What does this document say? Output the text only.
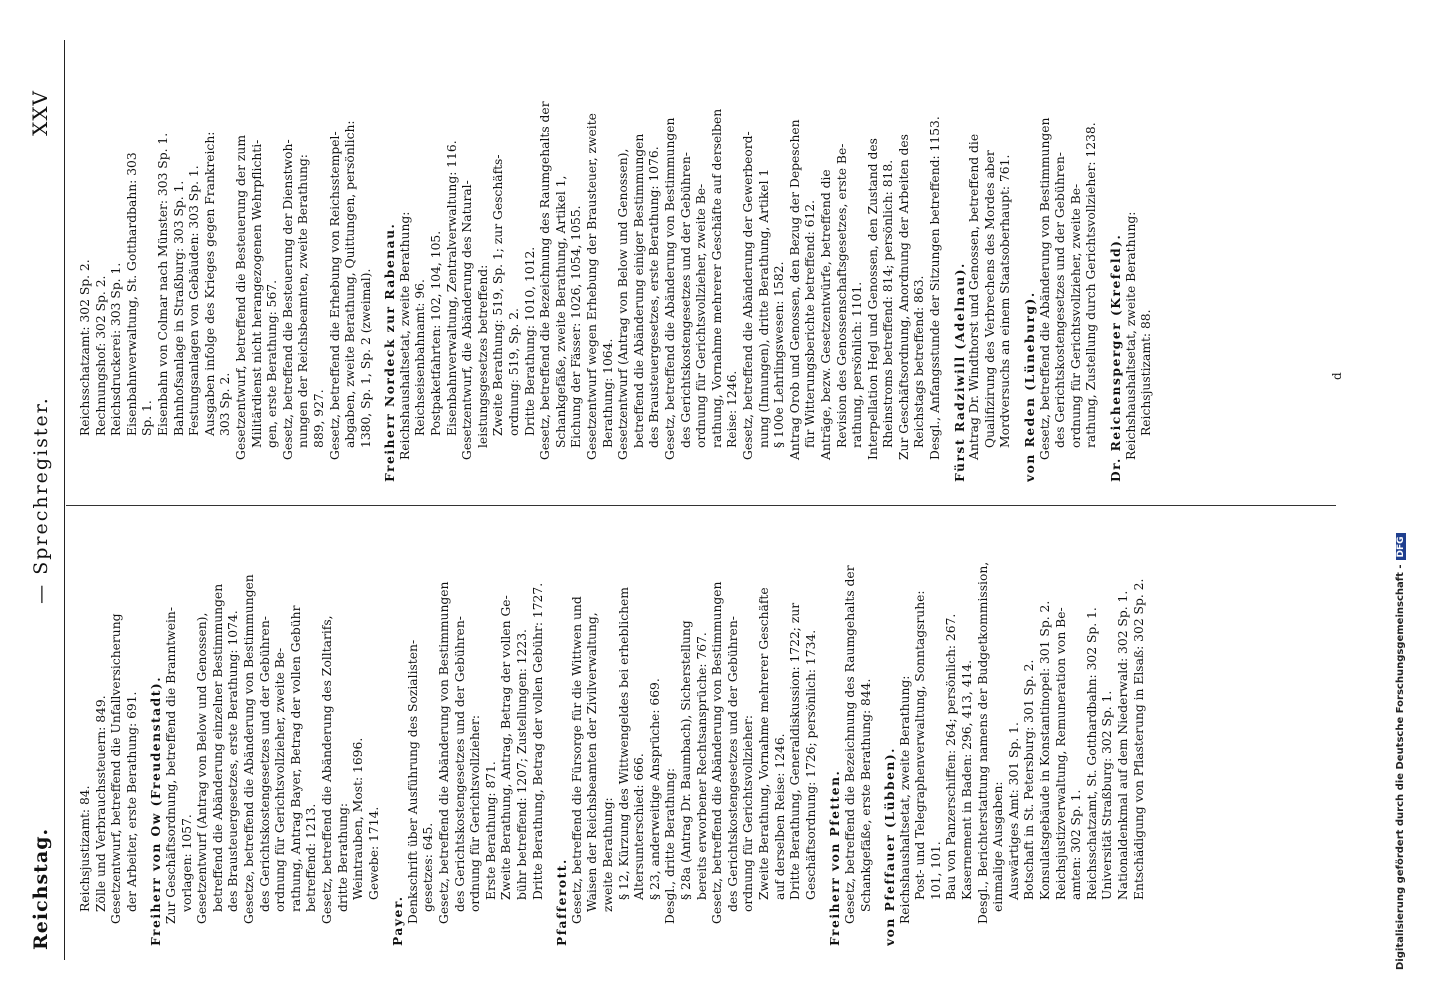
Reichstag.
— Sprechregister.
XXV
Reichsjustizamt: 84. Zölle und Verbrauchssteuern: 849. Gesetzentwurf, betreffend die Unfallversicherung der Arbeiter, erste Berathung: 691. Freiherr von Ow (Freudenstadt). Zur Geschäftsordnung, betreffend die Branntwein- vorlagen: 1057. Gesetzentwurf (Antrag von Below und Genossen), betreffend die Abänderung einzelner Bestimmungen des Brausteuergesetzes, erste Berathung: 1074. Gesetze, betreffend die Abänderung von Bestimmungen des Gerichtskostengesetzes und der Gebühren- ordnung für Gerichtsvollzieher, zweite Be- rathung, Antrag Bayer, Betrag der vollen Gebühr betreffend: 1213. Gesetz, betreffend die Abänderung des Zolltarifs, dritte Berathung: Weintrauben, Most: 1696. Gewebe: 1714.
Payer. Denkschrift über Ausführung des Sozialisten- gesetzes: 645. Gesetz, betreffend die Abänderung von Bestimmungen des Gerichtskostengesetzes und der Gebühren- ordnung für Gerichtsvollzieher: Erste Berathung: 871. Zweite Berathung, Antrag, Betrag der vollen Ge- bühr betreffend: 1207; Zustellungen: 1223. Dritte Berathung, Betrag der vollen Gebühr: 1727.
Pfafferott. Gesetz, betreffend die Fürsorge für die Wittwen und Waisen der Reichsbeamten der Zivilverwaltung, zweite Berathung: § 12, Kürzung des Wittwengeldes bei erheblichem Altersunterschied: 666. § 23, anderweitige Ansprüche: 669. Desgl., dritte Berathung: § 28a (Antrag Dr. Baumbach), Sicherstellung bereits erworbener Rechtsansprüche: 767. Gesetz, betreffend die Abänderung von Bestimmungen des Gerichtskostengesetzes und der Gebühren- ordnung für Gerichtsvollzieher: Zweite Berathung, Vornahme mehrerer Geschäfte auf derselben Reise: 1246. Dritte Berathung, Generaldiskussion: 1722; zur Geschäftsordnung: 1726; persönlich: 1734. Freiherr von Pfetten. Gesetz, betreffend die Bezeichnung des Raumgehalts der Schankgefäße, erste Berathung: 844. von Pfeffauer (Lübben). Reichshaushaltsetat, zweite Berathung: Post- und Telegraphenverwaltung, Sonntagsruhe: 101, 101. Bau von Panzerschiffen: 264; persönlich: 267. Kasernement in Baden: 296, 413, 414. Desgl., Berichterstattung namens der Budgetkommission, einmalige Ausgaben: Auswärtiges Amt: 301 Sp. 1. Botschaft in St. Petersburg: 301 Sp. 2. Konsulatsgebäude in Konstantinopel: 301 Sp. 2. Reichsjustizverwaltung, Remuneration von Be- amten: 302 Sp. 1. Reichsschatzamt, St. Gotthardbahn: 302 Sp. 1. Universität Straßburg: 302 Sp. 1. Nationaldenkmal auf dem Niederwald: 302 Sp. 1. Entschädigung von Pflasterung in Elsaß: 302 Sp. 2.
Reichsschatzamt: 302 Sp. 2. Rechnungshof: 302 Sp. 2. Reichsdruckerei: 303 Sp. 1. Eisenbahnverwaltung, St. Gotthardbahn: 303 Sp. 1. Eisenbahn von Colmar nach Münster: 303 Sp. 1. Bahnhofsanlage in Straßburg: 303 Sp. 1. Festungsanlagen von Gebäuden: 303 Sp. 1. Ausgaben infolge des Krieges gegen Frankreich: 303 Sp. 2. Gesetzentwurf, betreffend die Besteuerung der zum Militärdienst nicht herangezogenen Wehrpflichti- gen, erste Berathung: 567. Gesetz, betreffend die Besteuerung der Dienstwoh- nungen der Reichsbeamten, zweite Berathung: 889, 927. Gesetz, betreffend die Erhebung von Reichsstempel- abgaben, zweite Berathung, Quittungen, persönlich: 1380, Sp. 1, Sp. 2 (zweimal). Freiherr Nordeck zur Rabenau. Reichshaushaltsetat, zweite Berathung: Reichseisenbahnamt: 96. Postpaketfahrten: 102, 104, 105. Eisenbahnverwaltung, Zentralverwaltung: 116. Gesetzentwurf, die Abänderung des Natural- leistungsgesetzes betreffend: Zweite Berathung: 519, Sp. 1; zur Geschäfts- ordnung: 519, Sp. 2. Dritte Berathung: 1010, 1012. Gesetz, betreffend die Bezeichnung des Raumgehalts der Schankgefäße, zweite Berathung, Artikel 1, Eichung der Fässer: 1026, 1054, 1055. Gesetzentwurf wegen Erhebung der Brausteuer, zweite Berathung: 1064. Gesetzentwurf (Antrag von Below und Genossen), betreffend die Abänderung einiger Bestimmungen des Brausteuergesetzes, erste Berathung: 1076. Gesetz, betreffend die Abänderung von Bestimmungen des Gerichtskostengesetzes und der Gebühren- ordnung für Gerichtsvollzieher, zweite Be- rathung, Vornahme mehrerer Geschäfte auf derselben Reise: 1246. Gesetz, betreffend die Abänderung der Gewerbeord- nung (Innungen), dritte Berathung, Artikel 1 § 100e Lehrlingswesen: 1582. Antrag Orob und Genossen, den Bezug der Depeschen für Witterungsberichte betreffend: 612. Anträge, bezw. Gesetzentwürfe, betreffend die Revision des Genossenschaftsgesetzes, erste Be- rathung, persönlich: 1101. Interpellation Hegl und Genossen, den Zustand des Rheinstroms betreffend: 814; persönlich: 818. Zur Geschäftsordnung, Anordnung der Arbeiten des Reichstags betreffend: 863. Desgl., Anfangsstunde der Sitzungen betreffend: 1153. Fürst Radziwill (Adelnau). Antrag Dr. Windthorst und Genossen, betreffend die Qualifizirung des Verbrechens des Mordes aber Mordversuchs an einem Staatsoberhaupt: 761. von Reden (Lüneburg). Gesetz, betreffend die Abänderung von Bestimmungen des Gerichtskostengesetzes und der Gebühren- ordnung für Gerichtsvollzieher, zweite Be- rathung, Zustellung durch Gerichtsvollzieher: 1238. Dr. Reichensperger (Krefeld). Reichshaushaltsetat, zweite Berathung: Reichsjustizamt: 88.	d
Digitalisierung gefördert durch die Deutsche Forschungsgemeinschaft -DFG
